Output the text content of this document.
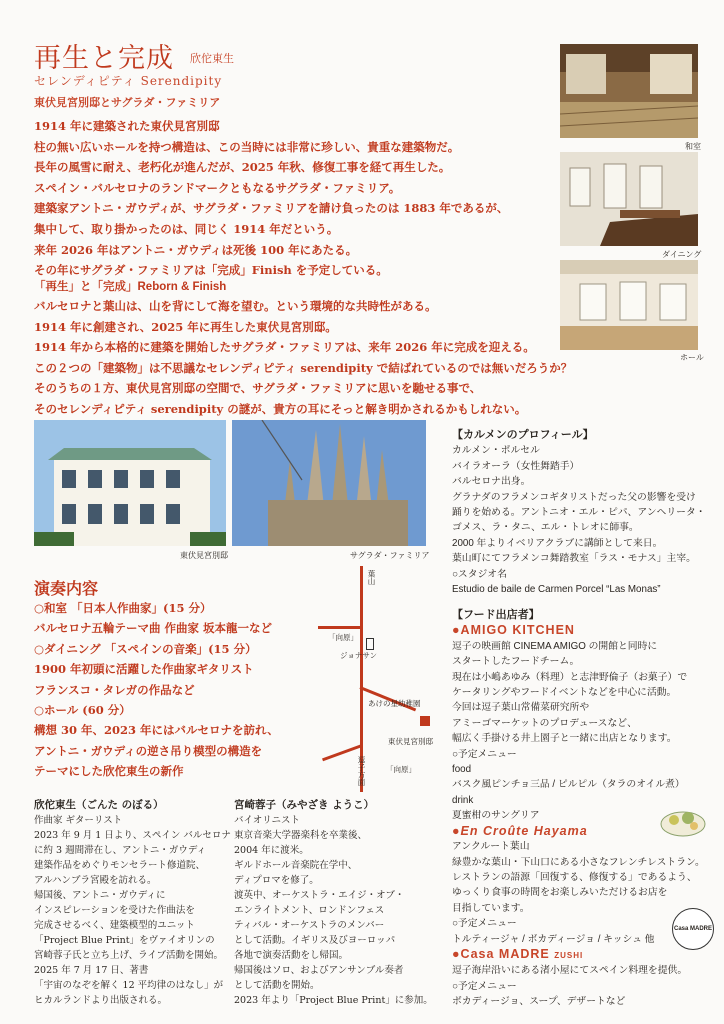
再生と完成 欣佗東生
セレンディピティ Serendipity
東伏見宮別邸とサグラダ・ファミリア

1914 年に建築された東伏見宮別邸

柱の無い広いホールを持つ構造は、この当時には非常に珍しい、貴重な建築物だ。

長年の風雪に耐え、老朽化が進んだが、2025 年秋、修復工事を経て再生した。

スペイン・バルセロナのランドマークともなるサグラダ・ファミリア。

建築家アントニ・ガウディが、サグラダ・ファミリアを請け負ったのは 1883 年であるが、

集中して、取り掛かったのは、同じく 1914 年だという。

来年 2026 年はアントニ・ガウディは死後 100 年にあたる。

その年にサグラダ・ファミリアは「完成」Finish を予定している。

「再生」と「完成」Reborn & Finish

バルセロナと葉山は、山を背にして海を望む。という環境的な共時性がある。

1914 年に創建され、2025 年に再生した東伏見宮別邸。

1914 年から本格的に建築を開始したサグラダ・ファミリアは、来年 2026 年に完成を迎える。

この２つの「建築物」は不思議なセレンディピティ serendipity で結ばれているのでは無いだろうか？

そのうちの１方、東伏見宮別邸の空間で、サグラダ・ファミリアに思いを馳せる事で、

そのセレンディピティ serendipity の謎が、貴方の耳にそっと解き明かされるかもしれない。

和室
ダイニング
ホール
東伏見宮別邸	サグラダ・ファミリア
演奏内容

○和室 「日本人作曲家」(15 分）

バルセロナ五輪テーマ曲 作曲家 坂本龍一など

○ダイニング 「スペインの音楽」(15 分）

1900 年初頭に活躍した作曲家ギタリスト

フランスコ・タレガの作品など

○ホール (60 分）

構想 30 年、2023 年にはバルセロナを訪れ、

アントニ・ガウディの逆さ吊り模型の構造を

テーマにした欣佗東生の新作

葉山
「向原」
ジョナサン
あけの星幼稚園
東伏見宮別邸
逗子方面	「向原」

欣佗東生（ごんた のぼる）

作曲家 ギターリスト

2023 年 9 月 1 日より、スペイン バルセロナ

に約 3 週間滞在し、アントニ・ガウディ

建築作品をめぐりモンセラート修道院、

アルハンブラ宮殿を訪れる。

帰国後、アントニ・ガウディに

インスピレーションを受けた作曲法を

完成させるべく、建築模型的ユニット

「Project Blue Print」をヴァイオリンの

宮崎蓉子氏と立ち上げ、ライブ活動を開始。

2025 年 7 月 17 日、著書

「宇宙のなぞを解く 12 平均律のはなし」が

ヒカルランドより出版される。

宮崎蓉子（みやざき ようこ）

バイオリニスト

東京音楽大学器楽科を卒業後、

2004 年に渡米。

ギルドホール音楽院在学中、

ディプロマを修了。

渡英中、オーケストラ・エイジ・オブ・

エンライトメント、ロンドンフェス

ティバル・オーケストラのメンバー

として活動。イギリス及びヨーロッパ

各地で演奏活動をし帰国。

帰国後はソロ、およびアンサンブル奏者

として活動を開始。

2023 年より「Project Blue Print」に参加。

【カルメンのプロフィール】

カルメン・ポルセル

バイラオーラ（女性舞踏手）

バルセロナ出身。

グラナダのフラメンコギタリストだった父の影響を受け

踊りを始める。アントニオ・エル・ピパ、アンヘリータ・

ゴメス、ラ・タニ、エル・トレオに師事。

2000 年よりイベリアクラブに講師として来日。

葉山町にてフラメンコ舞踏教室「ラス・モナス」主宰。

○スタジオ名

Estudio de baile de Carmen Porcel “Las Monas”

【フード出店者】

●AMIGO KITCHEN

逗子の映画館 CINEMA AMIGO の開館と同時に

スタートしたフードチーム。

現在は小嶋あゆみ（料理）と志津野倫子（お菓子）で

ケータリングやフードイベントなどを中心に活動。

今回は逗子葉山常備菜研究所や

アミーゴマーケットのプロデュースなど、

幅広く手掛ける井上園子と一緒に出店となります。

○予定メニュー

food

バスク風ピンチョ三品 / ピルピル（タラのオイル煮）

drink

夏蜜柑のサングリア

●En Croûte Hayama

アンクルート葉山

緑豊かな葉山・下山口にある小さなフレンチレストラン。

レストランの語源「回復する、修復する」であるよう、

ゆっくり食事の時間をお楽しみいただけるお店を

目指しています。

○予定メニュー

トルティージャ / ボカディージョ / キッシュ 他

●Casa MADRE ZUSHI

逗子海岸沿いにある渚小屋にてスペイン料理を提供。

○予定メニュー

ボカディージョ、スープ、デザートなど

Casa MADRE
